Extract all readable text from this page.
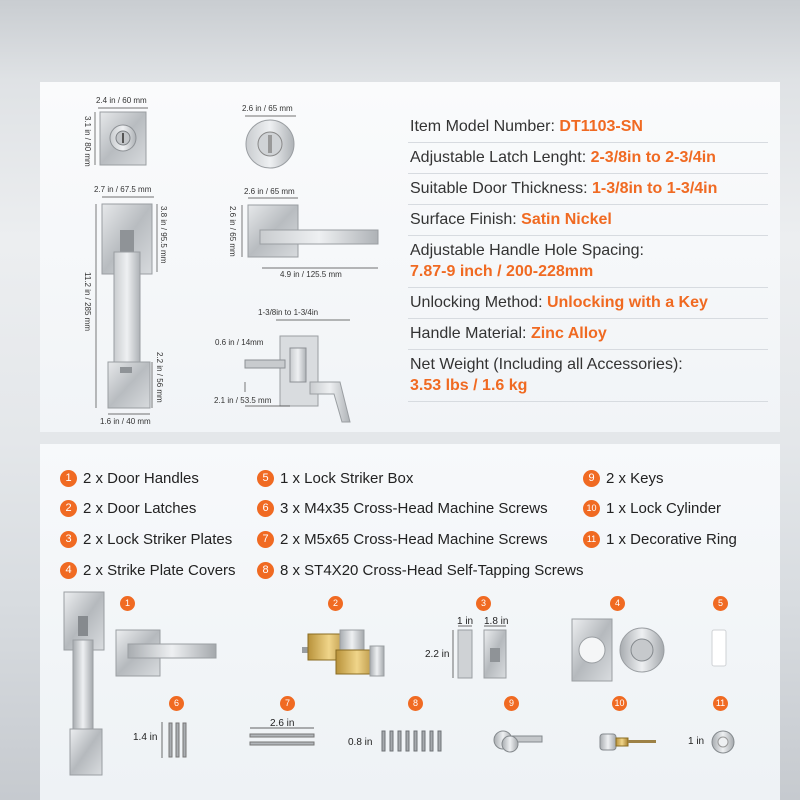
2.4 in / 60 mm
3.1 in / 80 mm
2.6 in / 65 mm
2.7 in / 67.5 mm
3.8 in / 95.5 mm
11.2 in / 285 mm
2.2 in / 56 mm
1.6 in / 40 mm
2.6 in / 65 mm
2.6 in / 65 mm
4.9 in / 125.5 mm
1-3/8in to 1-3/4in
0.6 in / 14mm
2.1 in / 53.5 mm
Item Model Number: DT1103-SN
Adjustable Latch Lenght: 2-3/8in to 2-3/4in
Suitable Door Thickness: 1-3/8in to 1-3/4in
Surface Finish: Satin Nickel
Adjustable Handle Hole Spacing:
7.87-9 inch / 200-228mm
Unlocking Method: Unlocking with a Key
Handle Material: Zinc Alloy
Net Weight (Including all Accessories):
3.53 lbs / 1.6 kg
1 2 x Door Handles
2 2 x Door Latches
3 2 x Lock Striker Plates
4 2 x Strike Plate Covers
5 1 x Lock Striker Box
6 3 x M4x35 Cross-Head Machine Screws
7 2 x M5x65 Cross-Head Machine Screws
8 8 x ST4X20 Cross-Head Self-Tapping Screws
9 2 x Keys
10 1 x Lock Cylinder
11 1 x Decorative Ring
1	2	3	4	5
6	7	8	9	10	11
1 in 1.8 in
2.2 in
1.4 in
2.6 in
0.8 in	1 in
